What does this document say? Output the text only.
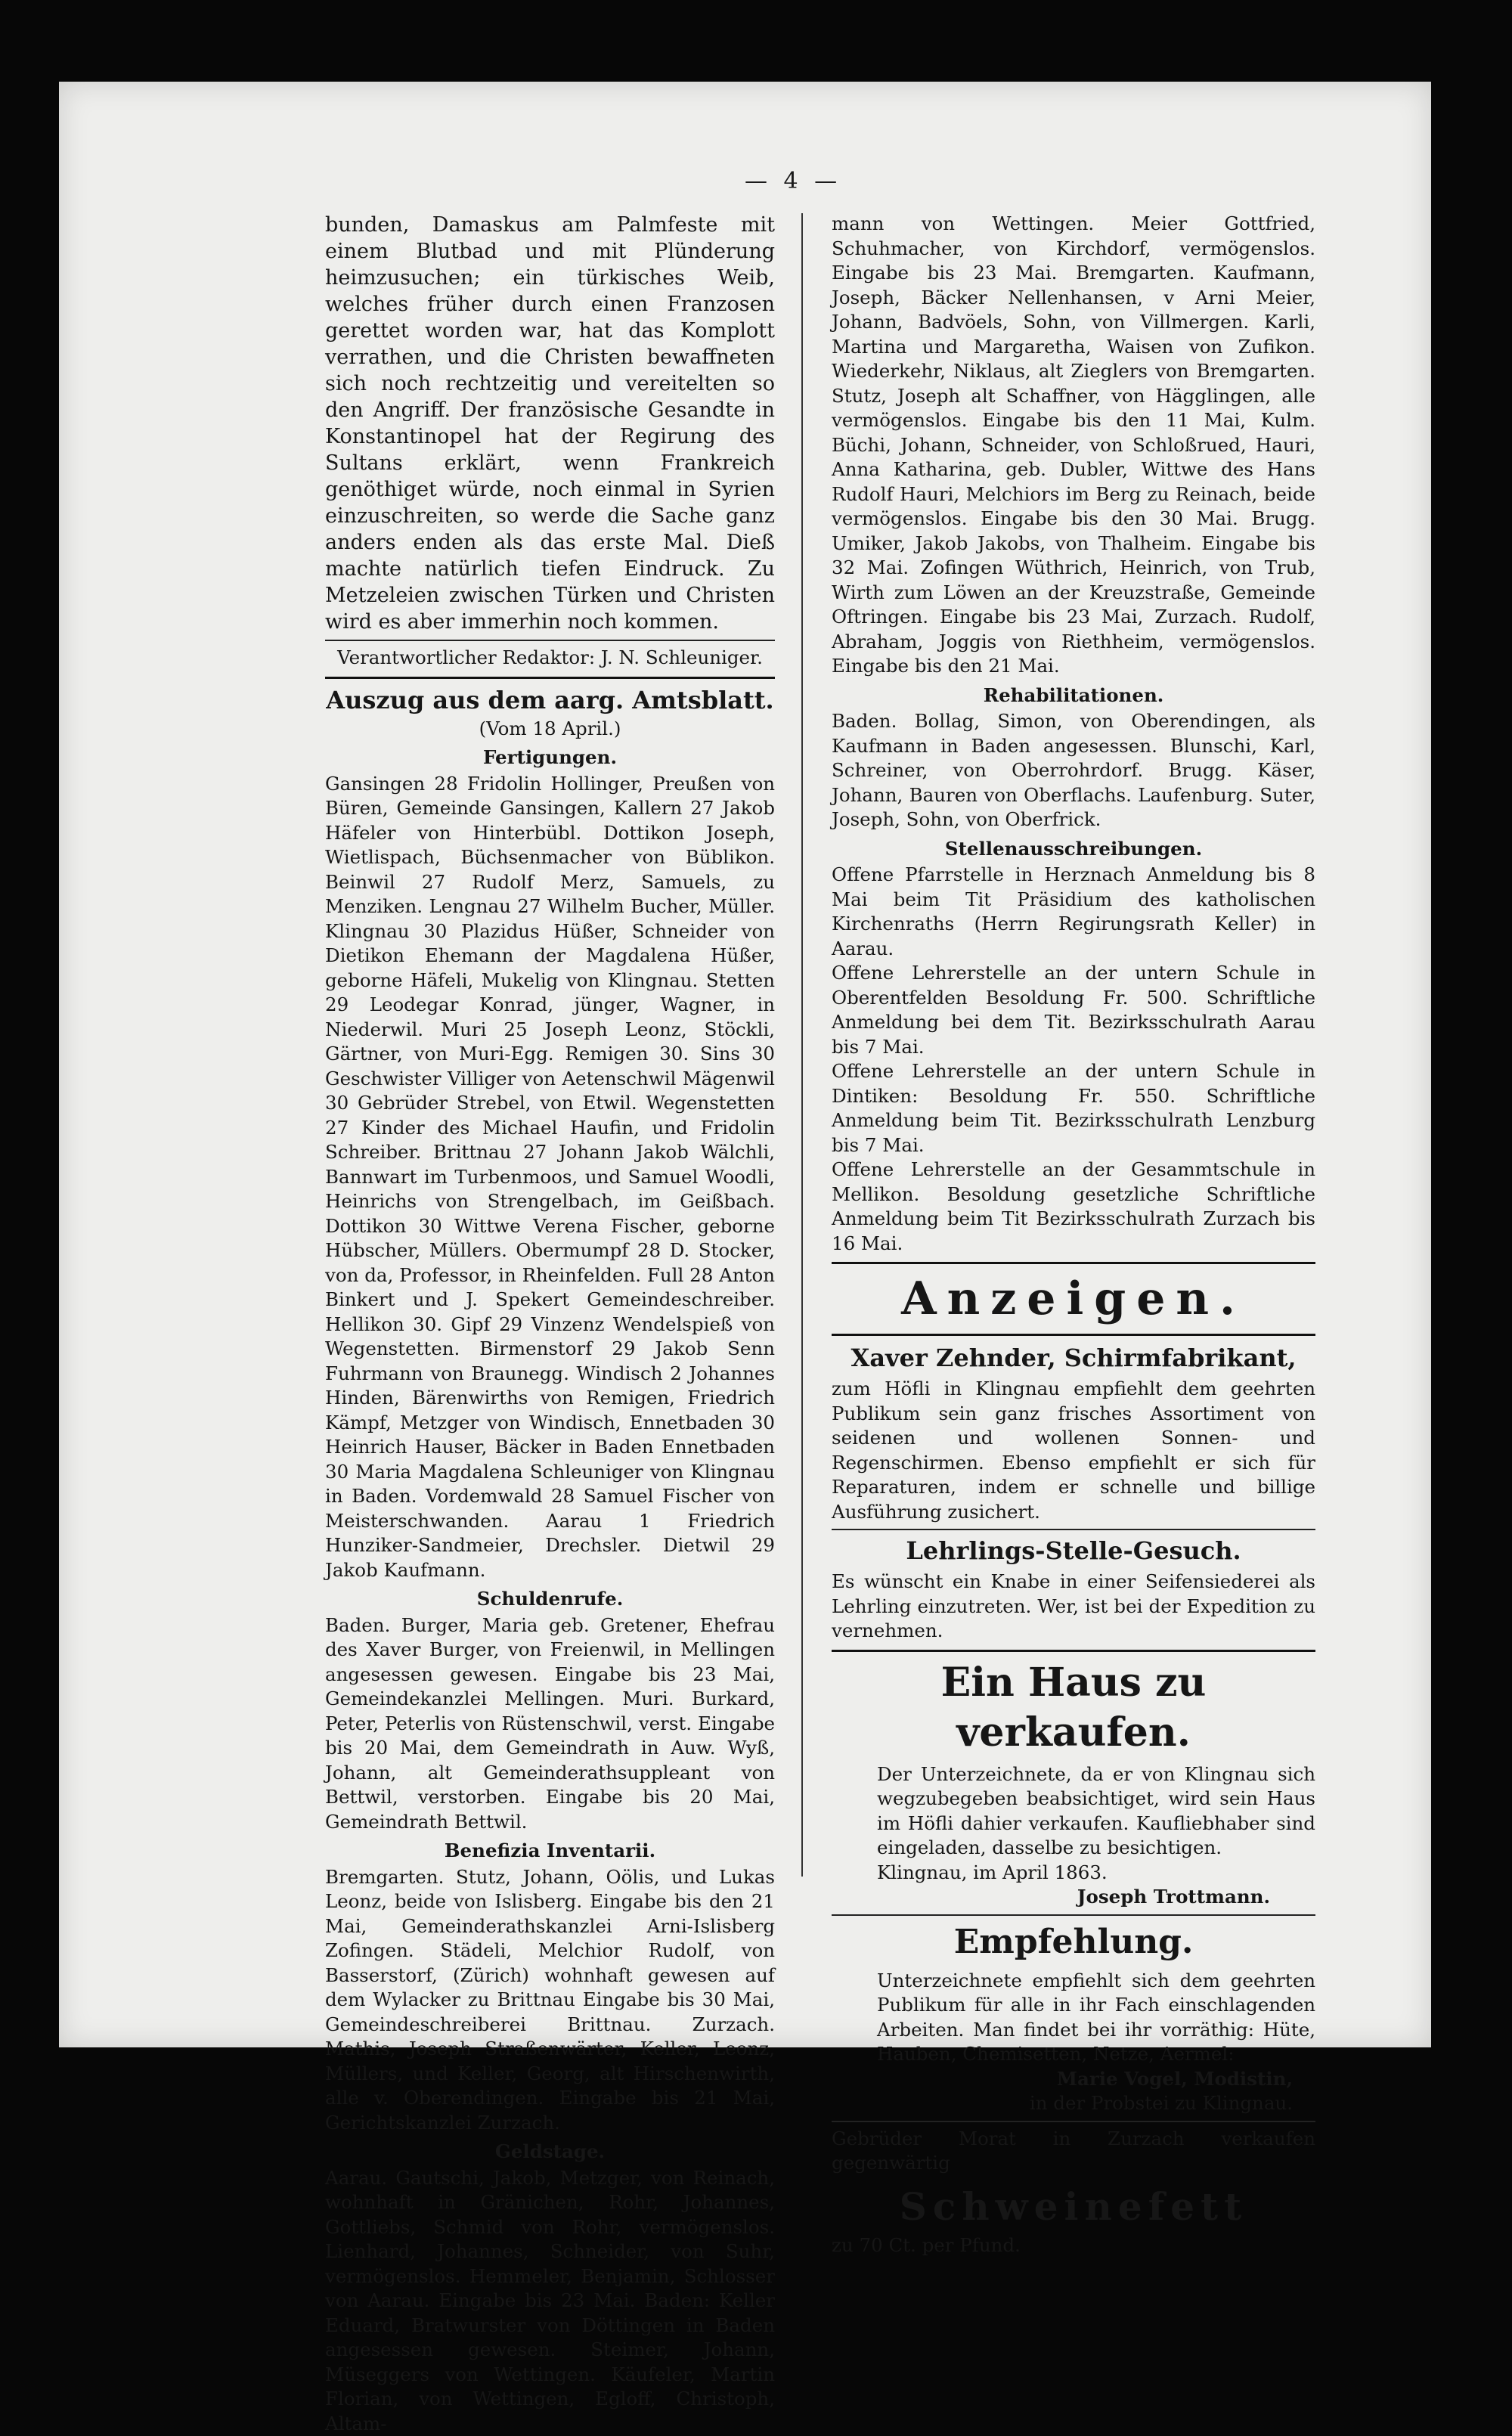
— 4 —

bunden, Damaskus am Palmfeste mit einem Blutbad und mit Plünderung heimzusuchen; ein türkisches Weib, welches früher durch einen Franzosen gerettet worden war, hat das Komplott verrathen, und die Christen bewaffneten sich noch rechtzeitig und vereitelten so den Angriff. Der französische Gesandte in Konstantinopel hat der Regirung des Sultans erklärt, wenn Frankreich genöthiget würde, noch einmal in Syrien einzuschreiten, so werde die Sache ganz anders enden als das erste Mal. Dieß machte natürlich tiefen Eindruck. Zu Metzeleien zwischen Türken und Christen wird es aber immerhin noch kommen.

Verantwortlicher Redaktor: J. N. Schleuniger.

Auszug aus dem aarg. Amtsblatt.

(Vom 18 April.)

Fertigungen.

Gansingen 28 Fridolin Hollinger, Preußen von Büren, Gemeinde Gansingen, Kallern 27 Jakob Häfeler von Hinterbübl. Dottikon Joseph, Wietlispach, Büchsenmacher von Büblikon. Beinwil 27 Rudolf Merz, Samuels, zu Menziken. Lengnau 27 Wilhelm Bucher, Müller. Klingnau 30 Plazidus Hüßer, Schneider von Dietikon Ehemann der Magdalena Hüßer, geborne Häfeli, Mukelig von Klingnau. Stetten 29 Leodegar Konrad, jünger, Wagner, in Niederwil. Muri 25 Joseph Leonz, Stöckli, Gärtner, von Muri-Egg. Remigen 30. Sins 30 Geschwister Villiger von Aetenschwil Mägenwil 30 Gebrüder Strebel, von Etwil. Wegenstetten 27 Kinder des Michael Haufin, und Fridolin Schreiber. Brittnau 27 Johann Jakob Wälchli, Bannwart im Turbenmoos, und Samuel Woodli, Heinrichs von Strengelbach, im Geißbach. Dottikon 30 Wittwe Verena Fischer, geborne Hübscher, Müllers. Obermumpf 28 D. Stocker, von da, Professor, in Rheinfelden. Full 28 Anton Binkert und J. Spekert Gemeindeschreiber. Hellikon 30. Gipf 29 Vinzenz Wendelspieß von Wegenstetten. Birmenstorf 29 Jakob Senn Fuhrmann von Braunegg. Windisch 2 Johannes Hinden, Bärenwirths von Remigen, Friedrich Kämpf, Metzger von Windisch, Ennetbaden 30 Heinrich Hauser, Bäcker in Baden Ennetbaden 30 Maria Magdalena Schleuniger von Klingnau in Baden. Vordemwald 28 Samuel Fischer von Meisterschwanden. Aarau 1 Friedrich Hunziker-Sandmeier, Drechsler. Dietwil 29 Jakob Kaufmann.

Schuldenrufe.

Baden. Burger, Maria geb. Gretener, Ehefrau des Xaver Burger, von Freienwil, in Mellingen angesessen gewesen. Eingabe bis 23 Mai, Gemeindekanzlei Mellingen. Muri. Burkard, Peter, Peterlis von Rüstenschwil, verst. Eingabe bis 20 Mai, dem Gemeindrath in Auw. Wyß, Johann, alt Gemeinderathsuppleant von Bettwil, verstorben. Eingabe bis 20 Mai, Gemeindrath Bettwil.

Benefizia Inventarii.

Bremgarten. Stutz, Johann, Oölis, und Lukas Leonz, beide von Islisberg. Eingabe bis den 21 Mai, Gemeinderathskanzlei Arni-Islisberg Zofingen. Städeli, Melchior Rudolf, von Basserstorf, (Zürich) wohnhaft gewesen auf dem Wylacker zu Brittnau Eingabe bis 30 Mai, Gemeindeschreiberei Brittnau. Zurzach. Mathis, Joseph Straßenwärter, Keller, Leonz, Müllers, und Keller, Georg, alt Hirschenwirth, alle v. Oberendingen. Eingabe bis 21 Mai, Gerichtskanzlei Zurzach.

Geldstage.

Aarau. Gautschi, Jakob, Metzger, von Reinach, wohnhaft in Gränichen, Rohr, Johannes, Gottliebs, Schmid von Rohr, vermögenslos. Lienhard, Johannes, Schneider, von Suhr, vermögenslos. Hemmeler, Benjamin, Schlosser von Aarau. Eingabe bis 23 Mai. Baden: Keller Eduard, Bratwurster von Döttingen in Baden angesessen gewesen. Steimer, Johann, Müseggers von Wettingen. Käufeler, Martin Florian, von Wettingen, Egloff, Christoph, Altam-

mann von Wettingen. Meier Gottfried, Schuhmacher, von Kirchdorf, vermögenslos. Eingabe bis 23 Mai. Bremgarten. Kaufmann, Joseph, Bäcker Nellenhansen, v Arni Meier, Johann, Badvöels, Sohn, von Villmergen. Karli, Martina und Margaretha, Waisen von Zufikon. Wiederkehr, Niklaus, alt Zieglers von Bremgarten. Stutz, Joseph alt Schaffner, von Hägglingen, alle vermögenslos. Eingabe bis den 11 Mai, Kulm. Büchi, Johann, Schneider, von Schloßrued, Hauri, Anna Katharina, geb. Dubler, Wittwe des Hans Rudolf Hauri, Melchiors im Berg zu Reinach, beide vermögenslos. Eingabe bis den 30 Mai. Brugg. Umiker, Jakob Jakobs, von Thalheim. Eingabe bis 32 Mai. Zofingen Wüthrich, Heinrich, von Trub, Wirth zum Löwen an der Kreuzstraße, Gemeinde Oftringen. Eingabe bis 23 Mai, Zurzach. Rudolf, Abraham, Joggis von Riethheim, vermögenslos. Eingabe bis den 21 Mai.

Rehabilitationen.

Baden. Bollag, Simon, von Oberendingen, als Kaufmann in Baden angesessen. Blunschi, Karl, Schreiner, von Oberrohrdorf. Brugg. Käser, Johann, Bauren von Oberflachs. Laufenburg. Suter, Joseph, Sohn, von Oberfrick.

Stellenausschreibungen.

Offene Pfarrstelle in Herznach Anmeldung bis 8 Mai beim Tit Präsidium des katholischen Kirchenraths (Herrn Regirungsrath Keller) in Aarau.

Offene Lehrerstelle an der untern Schule in Oberentfelden Besoldung Fr. 500. Schriftliche Anmeldung bei dem Tit. Bezirksschulrath Aarau bis 7 Mai.

Offene Lehrerstelle an der untern Schule in Dintiken: Besoldung Fr. 550. Schriftliche Anmeldung beim Tit. Bezirksschulrath Lenzburg bis 7 Mai.

Offene Lehrerstelle an der Gesammtschule in Mellikon. Besoldung gesetzliche Schriftliche Anmeldung beim Tit Bezirksschulrath Zurzach bis 16 Mai.

Anzeigen.
Xaver Zehnder, Schirmfabrikant,

zum Höfli in Klingnau empfiehlt dem geehrten Publikum sein ganz frisches Assortiment von seidenen und wollenen Sonnen- und Regenschirmen. Ebenso empfiehlt er sich für Reparaturen, indem er schnelle und billige Ausführung zusichert.

Lehrlings-Stelle-Gesuch.

Es wünscht ein Knabe in einer Seifensiederei als Lehrling einzutreten. Wer, ist bei der Expedition zu vernehmen.

Ein Haus zu verkaufen.

Der Unterzeichnete, da er von Klingnau sich wegzubegeben beabsichtiget, wird sein Haus im Höfli dahier verkaufen. Kaufliebhaber sind eingeladen, dasselbe zu besichtigen.

Klingnau, im April 1863.

Joseph Trottmann.

Empfehlung.

Unterzeichnete empfiehlt sich dem geehrten Publikum für alle in ihr Fach einschlagenden Arbeiten. Man findet bei ihr vorräthig: Hüte, Hauben, Chemisetten, Netze, Aermel:

Marie Vogel, Modistin,

in der Probstei zu Klingnau.

Gebrüder Morat in Zurzach verkaufen gegenwärtig

Schweinefett

zu 70 Ct. per Pfund.
